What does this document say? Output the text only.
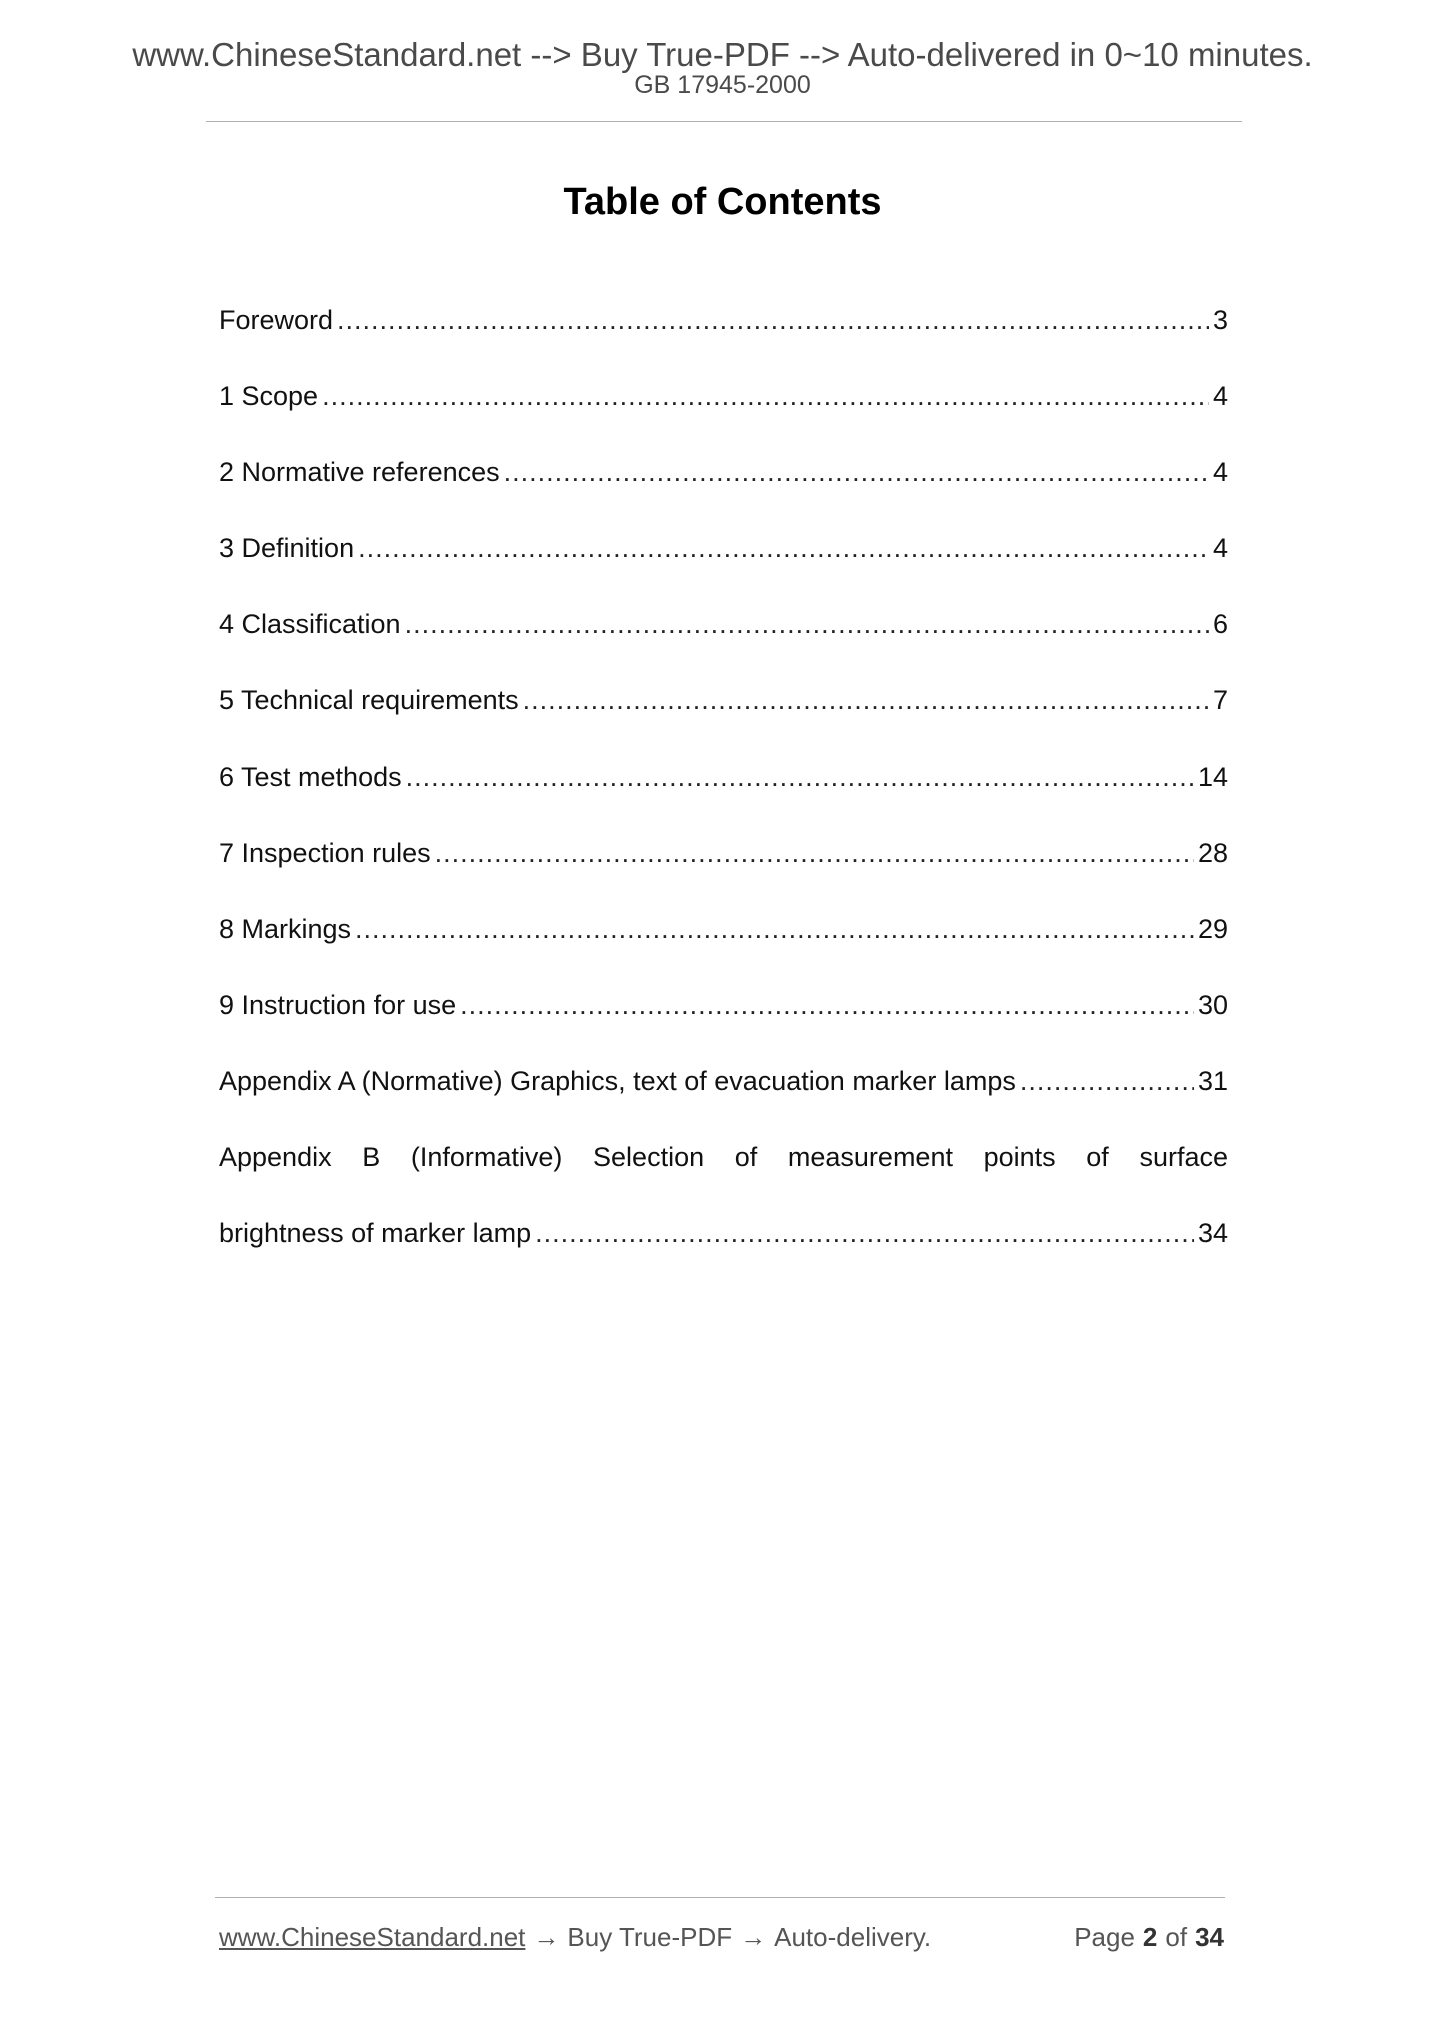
www.ChineseStandard.net --> Buy True-PDF --> Auto-delivered in 0~10 minutes.
GB 17945-2000
Table of Contents
Foreword .....	3
1 Scope .....	4
2 Normative references .....	4
3 Definition .....	4
4 Classification .....	6
5 Technical requirements .....	7
6 Test methods .....	14
7 Inspection rules .....	28
8 Markings .....	29
9 Instruction for use .....	30
Appendix A (Normative) Graphics, text of evacuation marker lamps .....	31
Appendix B (Informative) Selection of measurement points of surface
brightness of marker lamp .....	34
www.ChineseStandard.net → Buy True-PDF → Auto-delivery.	Page 2 of 34
